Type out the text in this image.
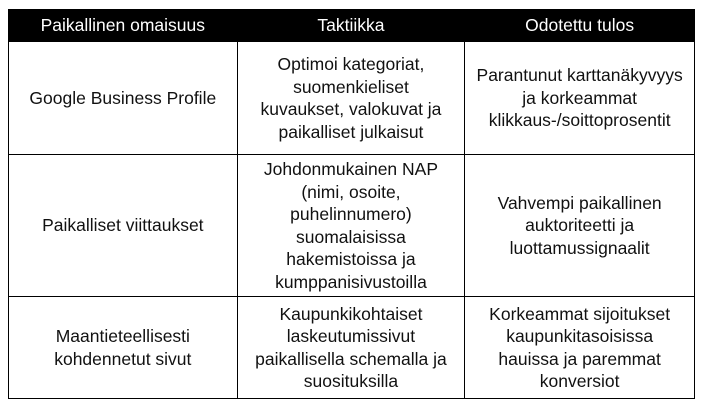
Paikallinen omaisuus	Taktiikka	Odotettu tulos
Google Business Profile	Optimoi kategoriat, suomenkieliset kuvaukset, valokuvat ja paikalliset julkaisut	Parantunut karttanäkyvyys ja korkeammat klikkaus-/soittoprosentit
Paikalliset viittaukset	Johdonmukainen NAP (nimi, osoite, puhelinnumero) suomalaisissa hakemistoissa ja kumppanisivustoilla	Vahvempi paikallinen auktoriteetti ja luottamussignaalit
Maantieteellisesti kohdennetut sivut	Kaupunkikohtaiset laskeutumissivut paikallisella schemalla ja suosituksilla	Korkeammat sijoitukset kaupunkitasoisissa hauissa ja paremmat konversiot
